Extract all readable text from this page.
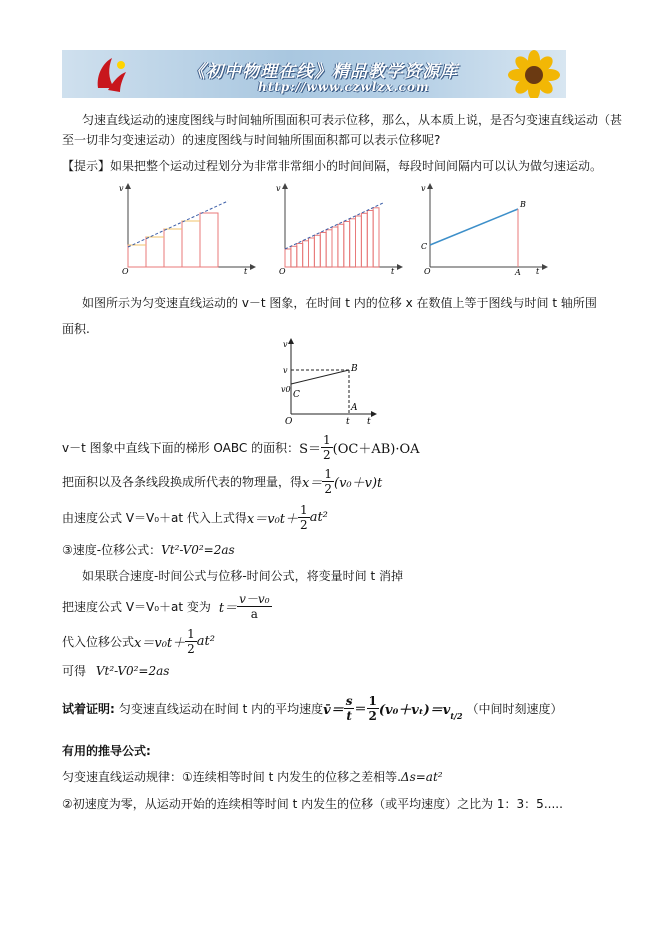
《初中物理在线》精品教学资源库
http://www.czwlzx.com
匀速直线运动的速度图线与时间轴所围面积可表示位移，那么，从本质上说，是否匀变速直线运动（甚
至一切非匀变速运动）的速度图线与时间轴所围面积都可以表示位移呢?
【提示】如果把整个运动过程划分为非常非常细小的时间间隔，每段时间间隔内可以认为做匀速运动。
v
O	t
v
O	t
v
O
C
B
A t
如图所示为匀变速直线运动的 v－t 图象，在时间 t 内的位移 x 在数值上等于图线与时间 t 轴所围
面积.
v
v
v0
C
B
A
O	t t
v－t 图象中直线下面的梯形 OABC 的面积： $S= \frac{1}{2} (OC+AB)\cdot OA$
把面积以及各条线段换成所代表的物理量，得 $x= \frac{1}{2} (v_0+v)t$
由速度公式 V＝V₀＋at 代入上式得 $x=v_0t+ \frac{1}{2} at^2$
③速度-位移公式：Vt²-V0²=2as
如果联合速度-时间公式与位移-时间公式，将变量时间 t 消掉
把速度公式 V＝V₀＋at 变为 $t= \frac{\text{v－v₀}}{a}$
代入位移公式 $x=v_0t+ \frac{1}{2} at^2$
可得 Vt²-V0²=2as
试着证明: 匀变速直线运动在时间 t 内的平均速度 v̄＝ $\frac{s}{t} = \frac{1}{2} (v_0+v_t)=v$ t/2
（中间时刻速度）
有用的推导公式:
匀变速直线运动规律：①连续相等时间 t 内发生的位移之差相等.Δs=at²
②初速度为零，从运动开始的连续相等时间 t 内发生的位移（或平均速度）之比为 1：3：5.....
